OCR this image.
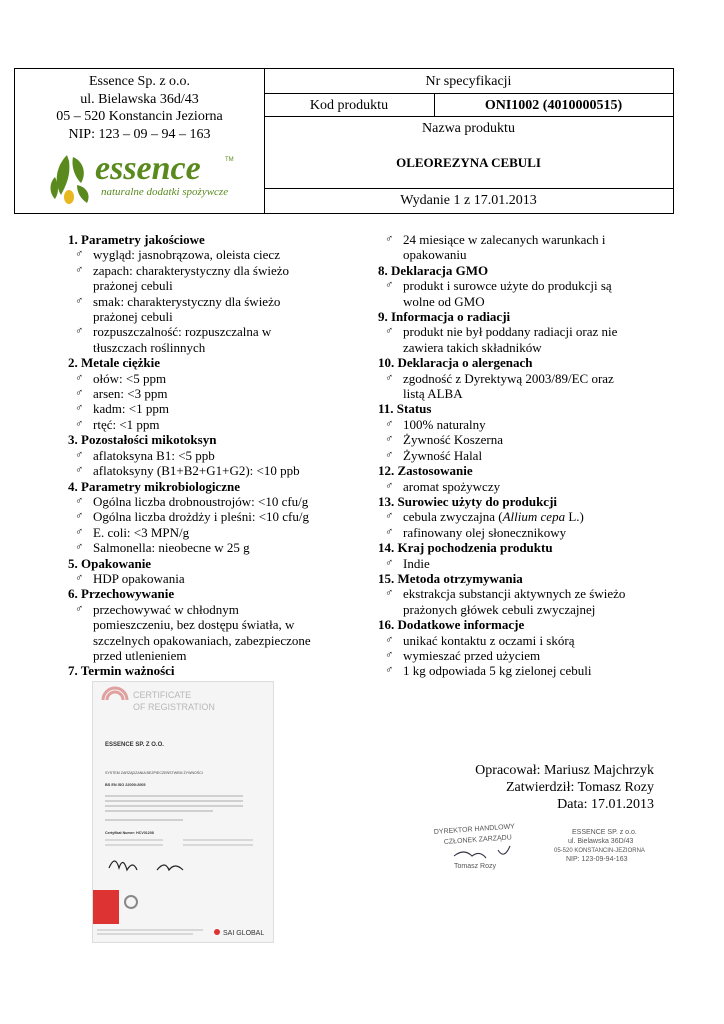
Essence Sp. z o.o.
ul. Bielawska 36d/43
05 – 520 Konstancin Jeziorna
NIP: 123 – 09 – 94 – 163
essence	TM
naturalne dodatki spożywcze
Nr specyfikacji
Kod produktu	ONI1002 (4010000515)
Nazwa produktu
OLEOREZYNA CEBULI
Wydanie 1 z 17.01.2013
1. Parametry jakościowe
♂ wygląd: jasnobrązowa, oleista ciecz
♂ zapach: charakterystyczny dla świeżo
prażonej cebuli
♂ smak: charakterystyczny dla świeżo
prażonej cebuli
♂ rozpuszczalność: rozpuszczalna w
tłuszczach roślinnych
2. Metale ciężkie
♂ ołów: <5 ppm
♂ arsen: <3 ppm
♂ kadm: <1 ppm
♂ rtęć: <1 ppm
3. Pozostałości mikotoksyn
♂ aflatoksyna B1: <5 ppb
♂ aflatoksyny (B1+B2+G1+G2): <10 ppb
4. Parametry mikrobiologiczne
♂ Ogólna liczba drobnoustrojów: <10 cfu/g
♂ Ogólna liczba drożdży i pleśni: <10 cfu/g
♂ E. coli: <3 MPN/g
♂ Salmonella: nieobecne w 25 g
5. Opakowanie
♂ HDP opakowania
6. Przechowywanie
♂ przechowywać w chłodnym
pomieszczeniu, bez dostępu światła, w
szczelnych opakowaniach, zabezpieczone
przed utlenieniem
7. Termin ważności
♂ 24 miesiące w zalecanych warunkach i
opakowaniu
8. Deklaracja GMO
♂ produkt i surowce użyte do produkcji są
wolne od GMO
9. Informacja o radiacji
♂ produkt nie był poddany radiacji oraz nie
zawiera takich składników
10. Deklaracja o alergenach
♂ zgodność z Dyrektywą 2003/89/EC oraz
listą ALBA
11. Status
♂ 100% naturalny
♂ Żywność Koszerna
♂ Żywność Halal
12. Zastosowanie
♂ aromat spożywczy
13. Surowiec użyty do produkcji
♂ cebula zwyczajna (Allium cepa L.)
♂ rafinowany olej słonecznikowy
14. Kraj pochodzenia produktu
♂ Indie
15. Metoda otrzymywania
♂ ekstrakcja substancji aktywnych ze świeżo
prażonych główek cebuli zwyczajnej
16. Dodatkowe informacje
♂ unikać kontaktu z oczami i skórą
♂ wymieszać przed użyciem
♂ 1 kg odpowiada 5 kg zielonej cebuli
CERTIFICATE
OF REGISTRATION
ESSENCE SP. Z O.O.
SYSTEM ZARZĄDZANIA BEZPIECZEŃSTWEM ŻYWNOŚCI
BS EN ISO 22000:2005
Certyfikat Numer: HCV01208
SAI GLOBAL
Opracował: Mariusz Majchrzyk
Zatwierdził: Tomasz Rozy
Data: 17.01.2013
DYREKTOR HANDLOWY
CZŁONEK ZARZĄDU
Tomasz Rozy
ESSENCE SP. z o.o.
ul. Bielawska 36D/43
05-520 KONSTANCIN-JEZIORNA
NIP: 123-09-94-163
